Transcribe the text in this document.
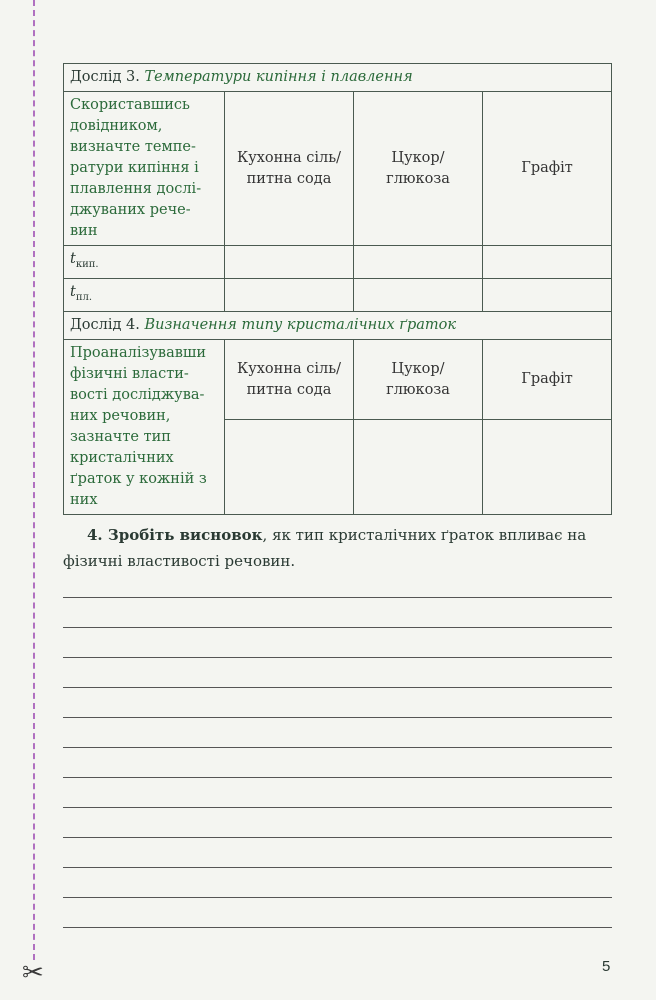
✂
Дослід 3. Температури кипіння і плавлення			
Скориставшись довідником, визначте темпе-ратури кипіння і плавлення дослі-джуваних рече-вин	Кухонна сіль/питна сода	Цукор/ глюкоза	Графіт
$t_{кип.}$			
$t_{пл.}$			
Дослід 4. Визначення типу кристалічних ґраток			
Проаналізувавши фізичні власти-вості досліджува-них речовин, зазначте тип кристалічних ґраток у кожній з них	Кухонна сіль/питна сода	Цукор/ глюкоза	Графіт

4. Зробіть висновок, як тип кристалічних ґраток впливає на фізичні властивості речовин.
5
